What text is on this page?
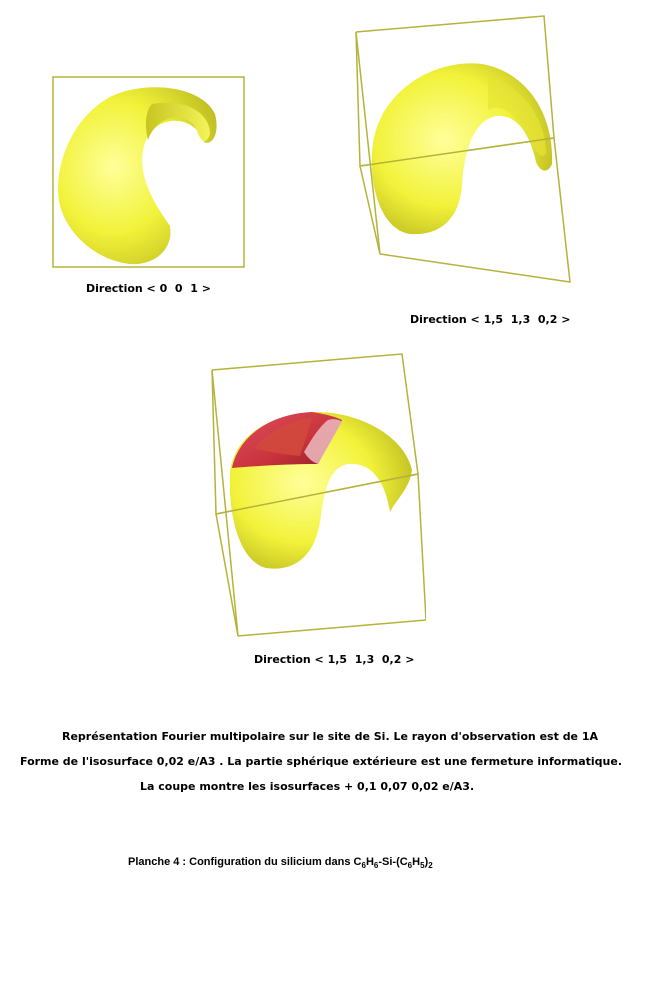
Direction < 0  0  1 >
Direction < 1,5  1,3  0,2 >
Direction < 1,5  1,3  0,2 >
Représentation Fourier multipolaire sur le site de Si. Le rayon d'observation est de 1A
Forme de l'isosurface 0,02 e/A3 . La partie sphérique extérieure est une fermeture informatique.
La coupe montre les isosurfaces + 0,1 0,07 0,02 e/A3.
Planche 4 : Configuration du silicium dans $C_6H_6-Si-(C_6H_5)_2$
